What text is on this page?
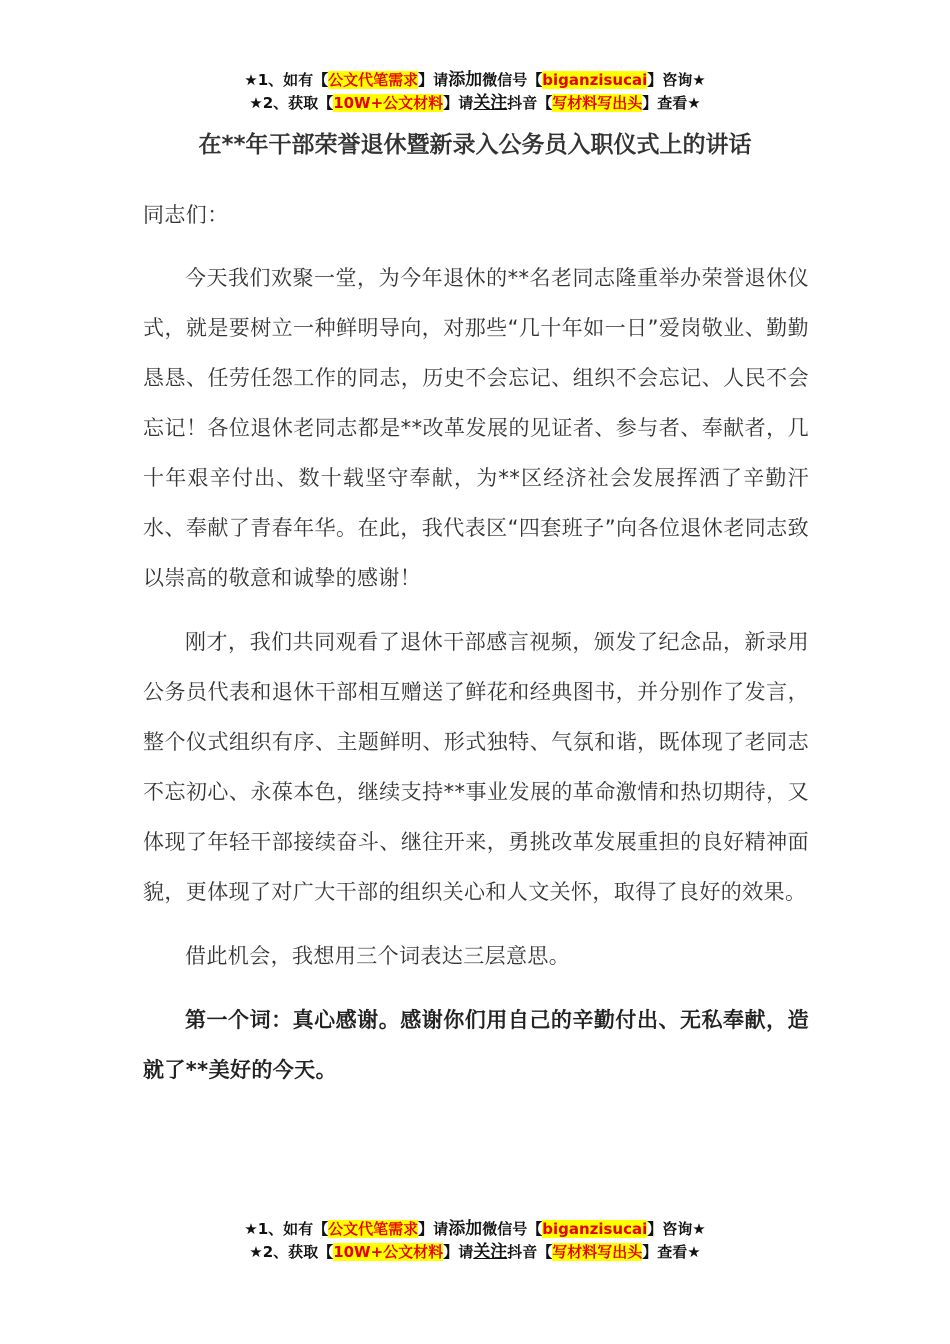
★1、如有【公文代笔需求】请添加微信号【biganzisucai】咨询★
★2、获取【10W+公文材料】请关注抖音【写材料写出头】查看★
在**年干部荣誉退休暨新录入公务员入职仪式上的讲话

同志们：

今天我们欢聚一堂，为今年退休的**名老同志隆重举办荣誉退休仪式，就是要树立一种鲜明导向，对那些“几十年如一日”爱岗敬业、勤勤恳恳、任劳任怨工作的同志，历史不会忘记、组织不会忘记、人民不会忘记！各位退休老同志都是**改革发展的见证者、参与者、奉献者，几十年艰辛付出、数十载坚守奉献，为**区经济社会发展挥洒了辛勤汗水、奉献了青春年华。在此，我代表区“四套班子”向各位退休老同志致以崇高的敬意和诚挚的感谢！

刚才，我们共同观看了退休干部感言视频，颁发了纪念品，新录用公务员代表和退休干部相互赠送了鲜花和经典图书，并分别作了发言，整个仪式组织有序、主题鲜明、形式独特、气氛和谐，既体现了老同志不忘初心、永葆本色，继续支持**事业发展的革命激情和热切期待，又体现了年轻干部接续奋斗、继往开来，勇挑改革发展重担的良好精神面貌，更体现了对广大干部的组织关心和人文关怀，取得了良好的效果。

借此机会，我想用三个词表达三层意思。

第一个词：真心感谢。感谢你们用自己的辛勤付出、无私奉献，造就了**美好的今天。

★1、如有【公文代笔需求】请添加微信号【biganzisucai】咨询★
★2、获取【10W+公文材料】请关注抖音【写材料写出头】查看★
